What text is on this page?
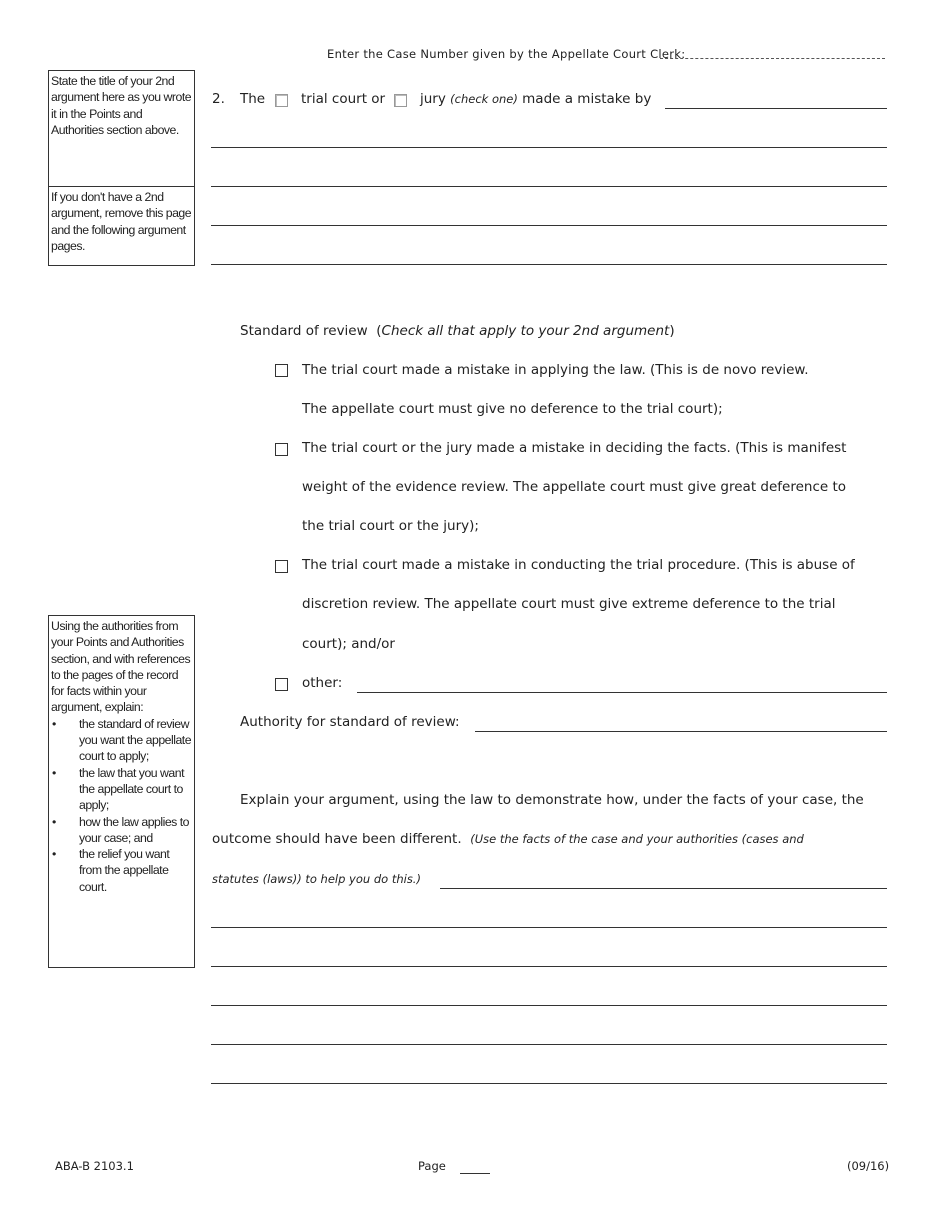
Enter the Case Number given by the Appellate Court Clerk:
State the title of your 2nd argument here as you wrote it in the Points and Authorities section above.
If you don't have a 2nd argument, remove this page and the following argument pages.
2. The	trial court or	jury (check one) made a mistake by
Standard of review  (Check all that apply to your 2nd argument)
The trial court made a mistake in applying the law. (This is de novo review.
The appellate court must give no deference to the trial court);
The trial court or the jury made a mistake in deciding the facts. (This is manifest
weight of the evidence review. The appellate court must give great deference to
the trial court or the jury);
The trial court made a mistake in conducting the trial procedure. (This is abuse of
discretion review. The appellate court must give extreme deference to the trial
court); and/or
other:
Authority for standard of review:
Using the authorities from your Points and Authorities section, and with references to the pages of the record for facts within your argument, explain:
• the standard of review you want the appellate court to apply;
• the law that you want the appellate court to apply;
• how the law applies to your case; and
• the relief you want from the appellate court.
Explain your argument, using the law to demonstrate how, under the facts of your case, the
outcome should have been different. (Use the facts of the case and your authorities (cases and
statutes (laws)) to help you do this.)
ABA-B 2103.1	Page	(09/16)
